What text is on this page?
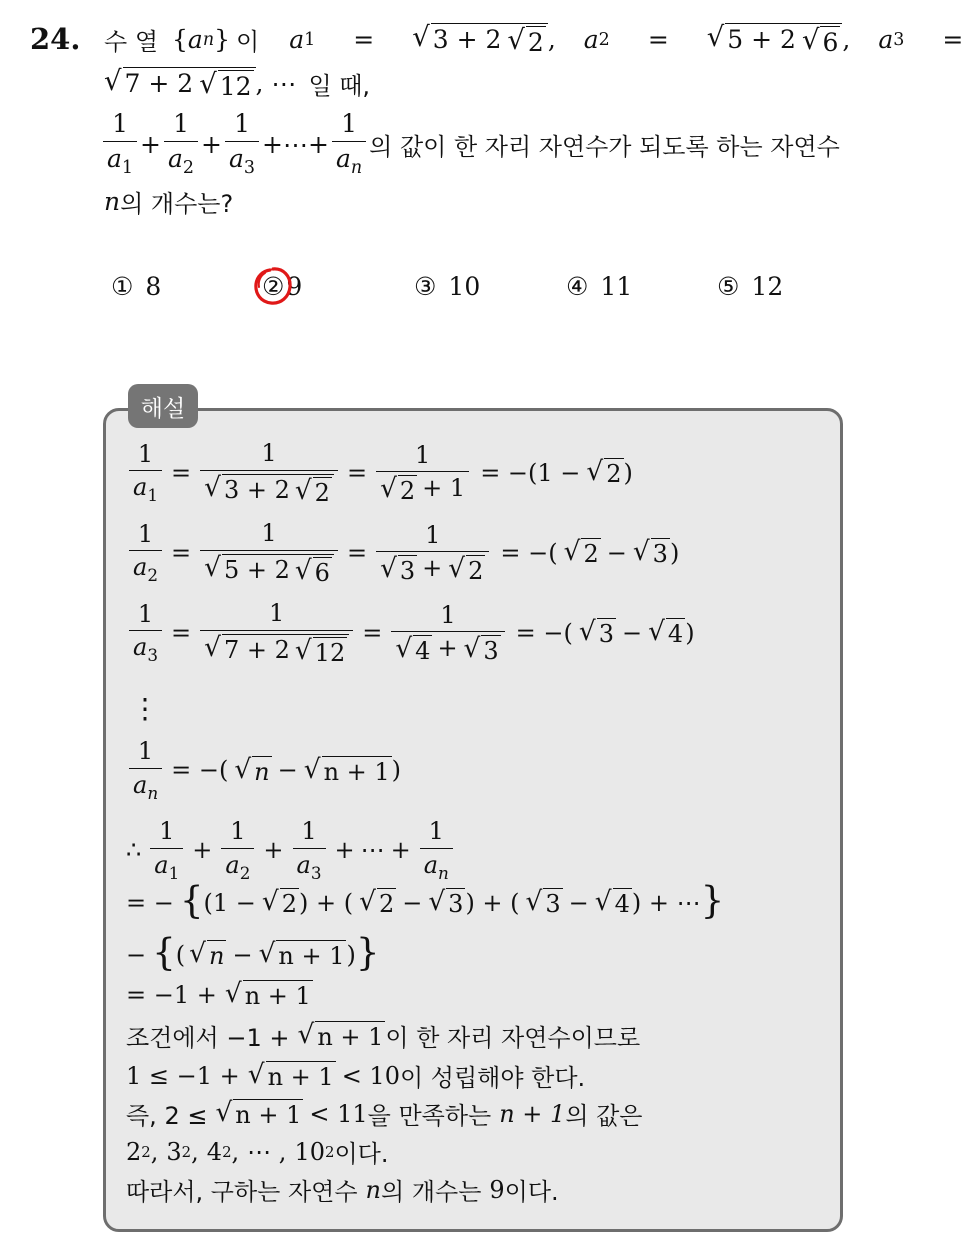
24. 수 열 { a n } 이 a 1 = √ 3 + 2 √ 2 , a 2 = √ 5 + 2 √ 6 , a 3 =
√ 7 + 2 √ 12 , ⋯ 일 때,
$\frac{1}{a_1} + \frac{1}{a_2} + \frac{1}{a_3}$ + ⋯ + $\frac{1}{a_n}$ 의 값이 한 자리 자연수가 되도록 하는 자연수
n 의 개수는?
① 8	② 9	③ 10	④ 11	⑤ 12
해설
$\frac{1}{a_1} = \frac{1}{√ 3 + 2 √ 2} = \frac{1}{√ 2 + 1} = -(1$ − √ 2 )
$\frac{1}{a_2} = \frac{1}{√ 5 + 2 √ 6} = \frac{1}{√ 3 + √ 2}$ = −( √ 2 − √ 3 )
$\frac{1}{a_3} = \frac{1}{√ 7 + 2 √ 12} = \frac{1}{√ 4 + √ 3}$ = −( √ 3 − √ 4 )
⋮
$\frac{1}{a_n}$ = −( √ n − √ n + 1 )
∴ $\frac{1}{a_1} + \frac{1}{a_2} + \frac{1}{a_3}$ + ⋯ + $\frac{1}{a_n}$
= − { (1 − √ 2 ) + ( √ 2 − √ 3 ) + ( √ 3 − √ 4 ) + ⋯ }
− { ( √ n − √ n + 1 ) }
= −1 + √ n + 1
조건에서 −1 + √ n + 1 이 한 자리 자연수이므로
1 ≤ −1 + √ n + 1 < 10 이 성립해야 한다.
즉, 2 ≤ √ n + 1 < 11 을 만족하는 n + 1 의 값은
2 2 , 3 2 , 4 2 , ⋯ , 10 2 이다.
따라서, 구하는 자연수 n 의 개수는 9 이다.
